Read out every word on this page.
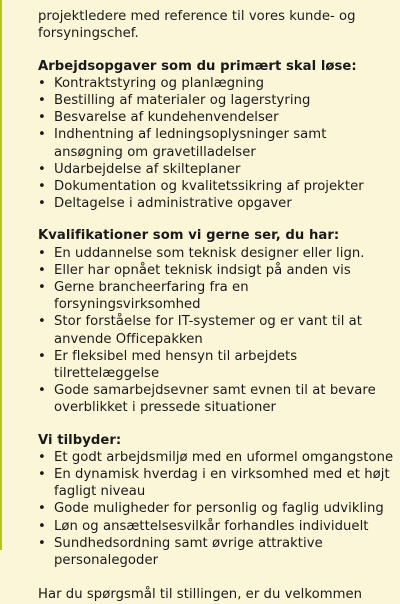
projektledere med reference til vores kunde- og

forsyningschef.

Arbejdsopgaver som du primært skal løse:

• Kontraktstyring og planlægning
• Bestilling af materialer og lagerstyring
• Besvarelse af kundehenvendelser
• Indhentning af ledningsoplysninger samt ansøgning om gravetilladelser
• Udarbejdelse af skilteplaner
• Dokumentation og kvalitetssikring af projekter
• Deltagelse i administrative opgaver

Kvalifikationer som vi gerne ser, du har:

• En uddannelse som teknisk designer eller lign.
• Eller har opnået teknisk indsigt på anden vis
• Gerne brancheerfaring fra en forsyningsvirksomhed
• Stor forståelse for IT-systemer og er vant til at anvende Officepakken
• Er fleksibel med hensyn til arbejdets tilrettelæggelse
• Gode samarbejdsevner samt evnen til at bevare overblikket i pressede situationer

Vi tilbyder:

• Et godt arbejdsmiljø med en uformel omgangstone
• En dynamisk hverdag i en virksomhed med et højt fagligt niveau
• Gode muligheder for personlig og faglig udvikling
• Løn og ansættelsesvilkår forhandles individuelt
• Sundhedsordning samt øvrige attraktive personalegoder

Har du spørgsmål til stillingen, er du velkommen
